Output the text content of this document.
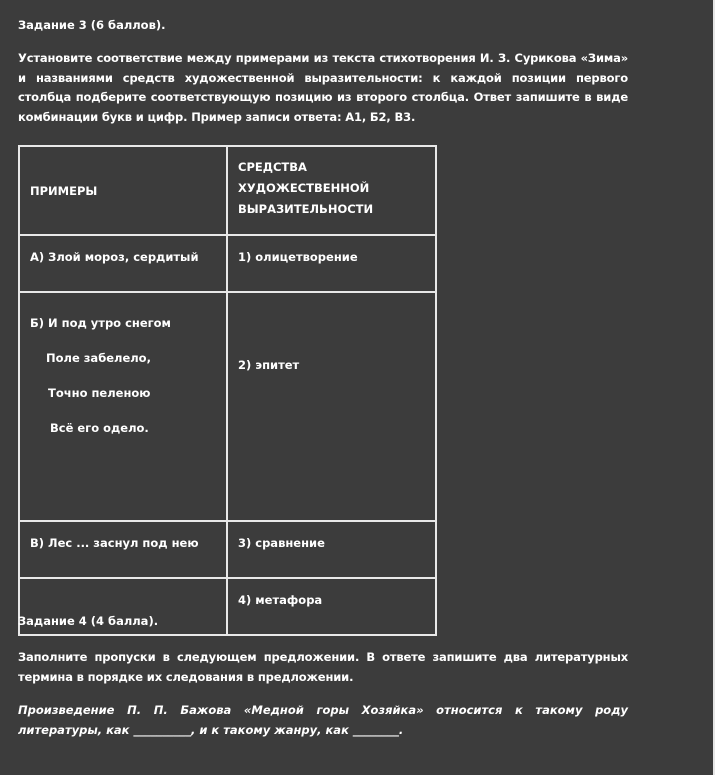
Задание 3 (6 баллов).

Установите соответствие между примерами из текста стихотворения И. З. Сурикова «Зима» и названиями средств художественной выразительности: к каждой позиции первого столбца подберите соответствующую позицию из второго столбца. Ответ запишите в виде комбинации букв и цифр. Пример записи ответа: А1, Б2, В3.

ПРИМЕРЫ	СРЕДСТВА ХУДОЖЕСТВЕННОЙ ВЫРАЗИТЕЛЬНОСТИ
А) Злой мороз, сердитый	1) олицетворение

Б) И под утро снегом
Поле забелело,
Точно пеленою
Всё его одело.	2) эпитет
В) Лес ... заснул под нею	3) сравнение
	4) метафора

Задание 4 (4 балла).

Заполните пропуски в следующем предложении. В ответе запишите два литературных термина в порядке их следования в предложении.

Произведение П. П. Бажова «Медной горы Хозяйка» относится к такому роду литературы, как __________, и к такому жанру, как ________.
